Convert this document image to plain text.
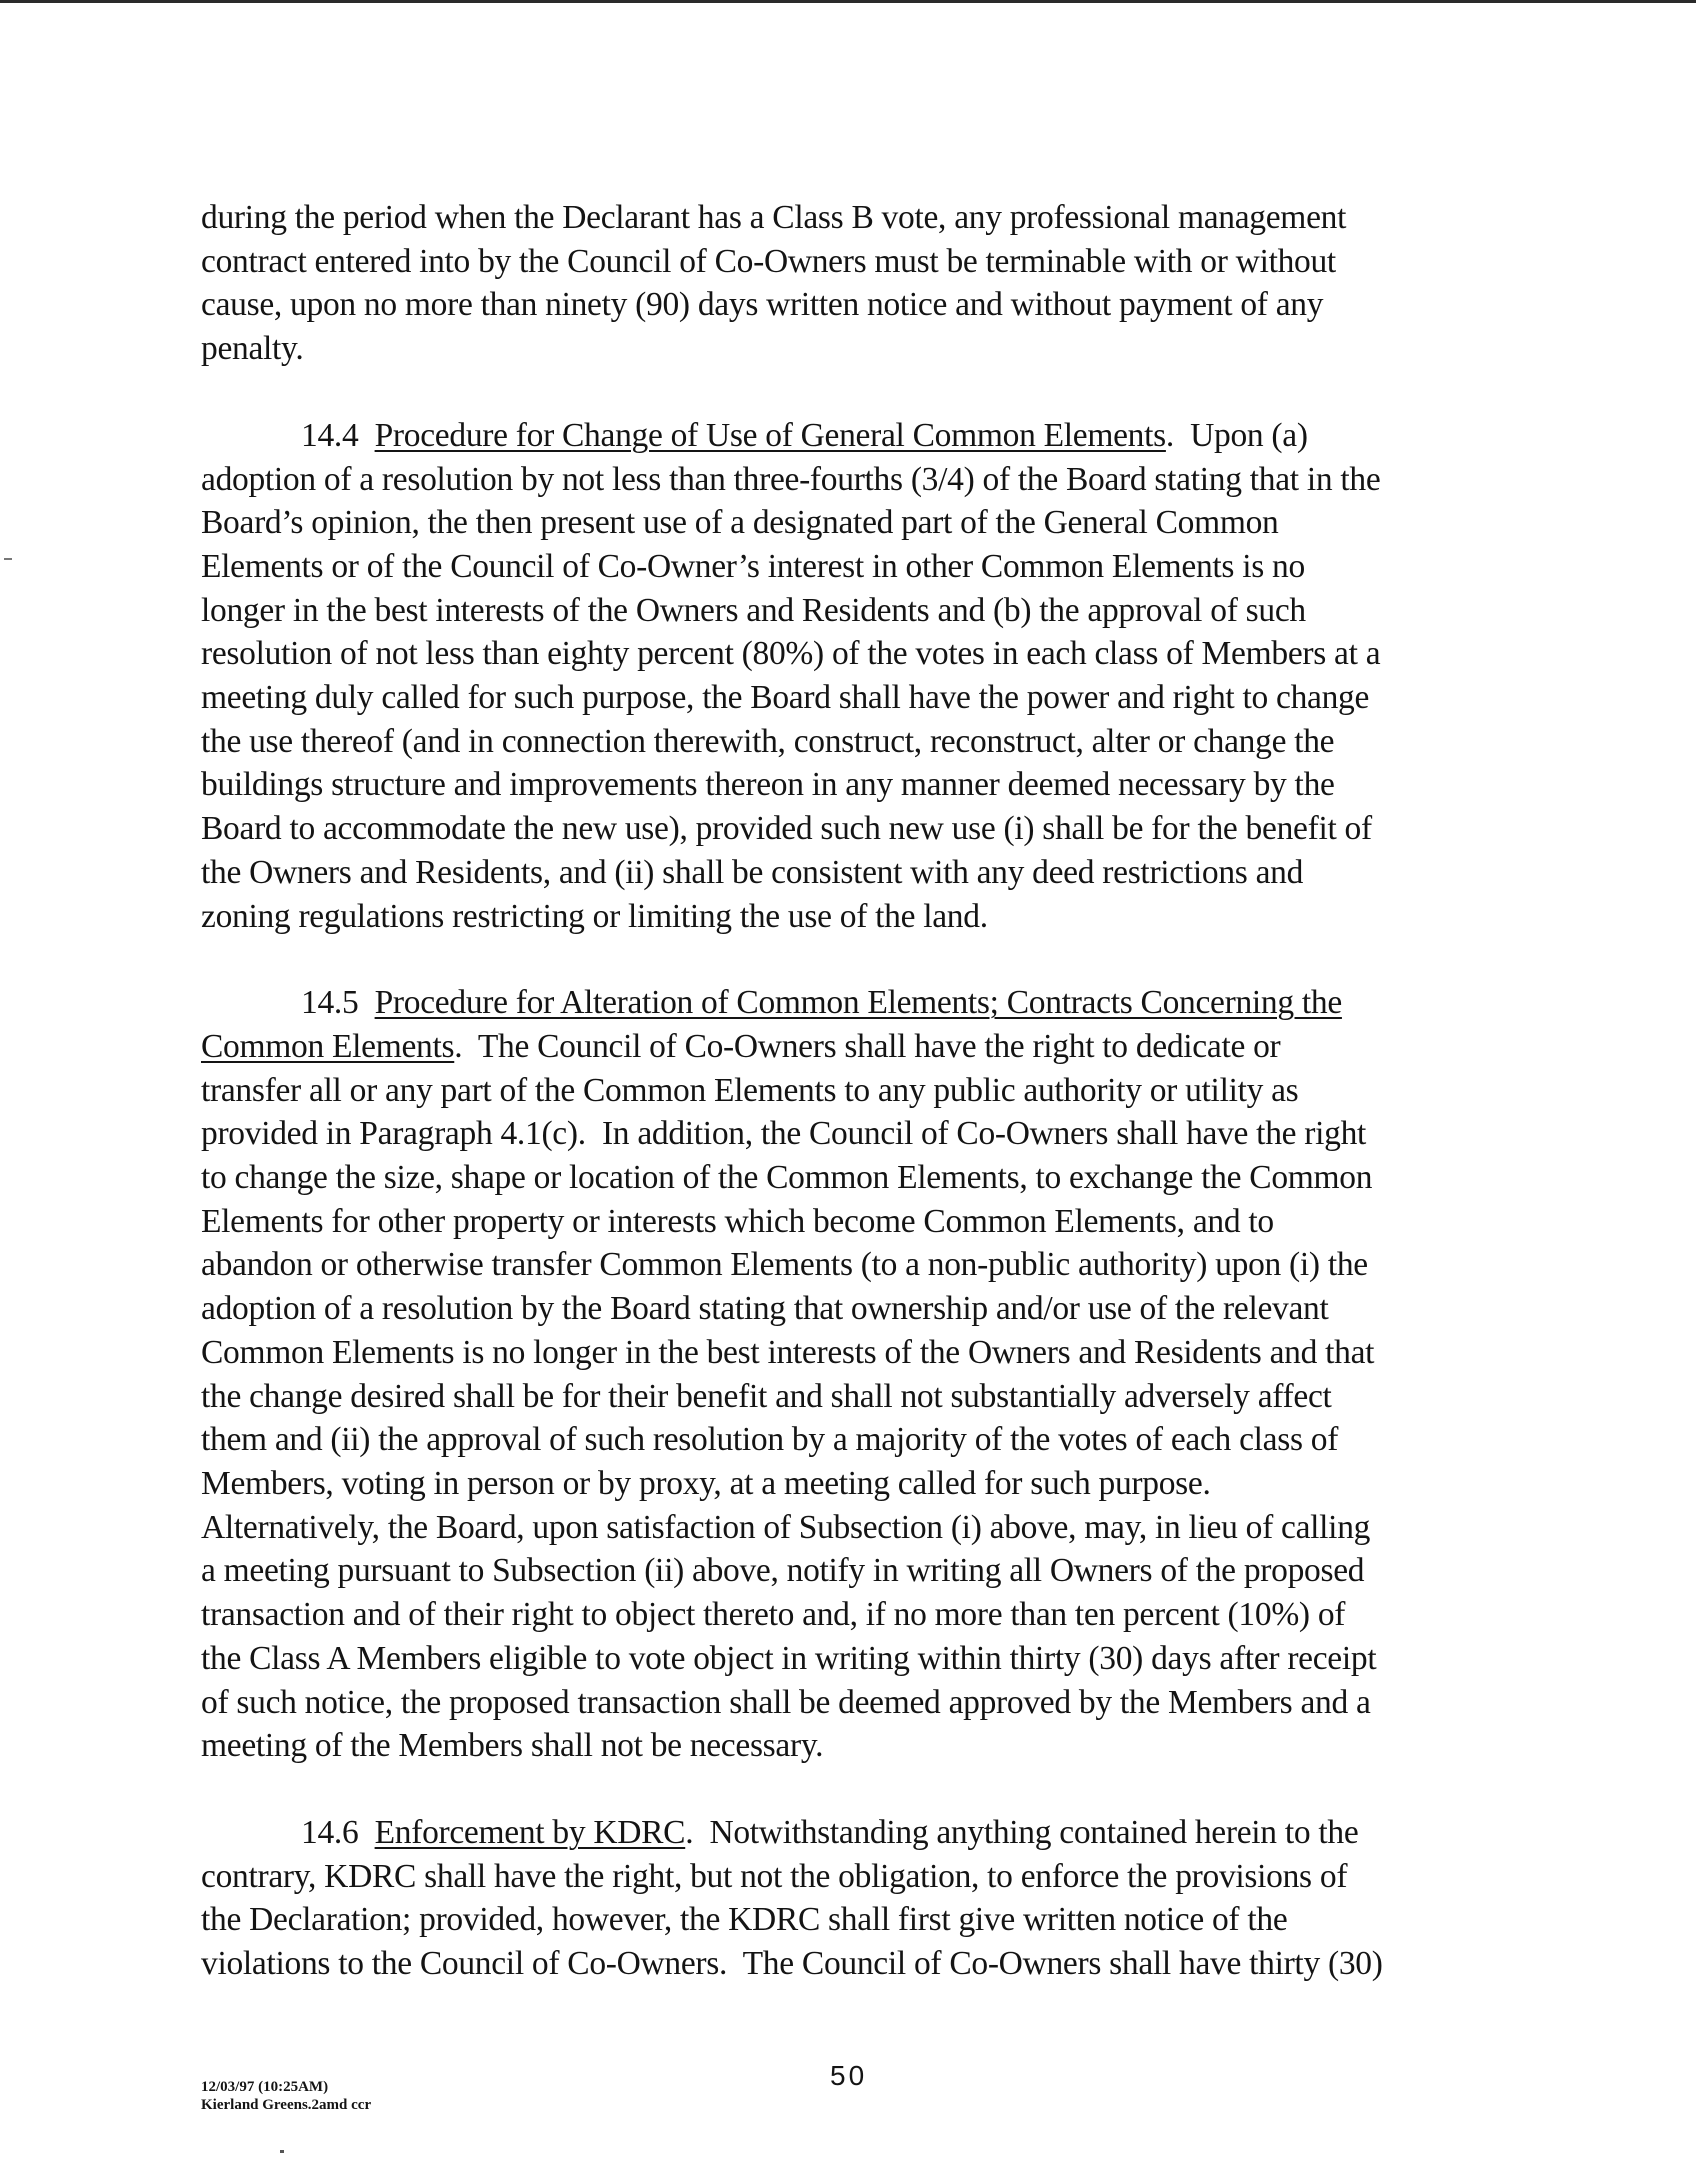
during the period when the Declarant has a Class B vote, any professional management
contract entered into by the Council of Co-Owners must be terminable with or without
cause, upon no more than ninety (90) days written notice and without payment of any
penalty.

14.4 Procedure for Change of Use of General Common Elements.  Upon (a)
adoption of a resolution by not less than three-fourths (3/4) of the Board stating that in the
Board’s opinion, the then present use of a designated part of the General Common
Elements or of the Council of Co-Owner’s interest in other Common Elements is no
longer in the best interests of the Owners and Residents and (b) the approval of such
resolution of not less than eighty percent (80%) of the votes in each class of Members at a
meeting duly called for such purpose, the Board shall have the power and right to change
the use thereof (and in connection therewith, construct, reconstruct, alter or change the
buildings structure and improvements thereon in any manner deemed necessary by the
Board to accommodate the new use), provided such new use (i) shall be for the benefit of
the Owners and Residents, and (ii) shall be consistent with any deed restrictions and
zoning regulations restricting or limiting the use of the land.

14.5 Procedure for Alteration of Common Elements; Contracts Concerning the
Common Elements.  The Council of Co-Owners shall have the right to dedicate or
transfer all or any part of the Common Elements to any public authority or utility as
provided in Paragraph 4.1(c).  In addition, the Council of Co-Owners shall have the right
to change the size, shape or location of the Common Elements, to exchange the Common
Elements for other property or interests which become Common Elements, and to
abandon or otherwise transfer Common Elements (to a non-public authority) upon (i) the
adoption of a resolution by the Board stating that ownership and/or use of the relevant
Common Elements is no longer in the best interests of the Owners and Residents and that
the change desired shall be for their benefit and shall not substantially adversely affect
them and (ii) the approval of such resolution by a majority of the votes of each class of
Members, voting in person or by proxy, at a meeting called for such purpose.
Alternatively, the Board, upon satisfaction of Subsection (i) above, may, in lieu of calling
a meeting pursuant to Subsection (ii) above, notify in writing all Owners of the proposed
transaction and of their right to object thereto and, if no more than ten percent (10%) of
the Class A Members eligible to vote object in writing within thirty (30) days after receipt
of such notice, the proposed transaction shall be deemed approved by the Members and a
meeting of the Members shall not be necessary.

14.6 Enforcement by KDRC.  Notwithstanding anything contained herein to the
contrary, KDRC shall have the right, but not the obligation, to enforce the provisions of
the Declaration; provided, however, the KDRC shall first give written notice of the
violations to the Council of Co-Owners.  The Council of Co-Owners shall have thirty (30)

12/03/97 (10:25AM)
Kierland Greens.2amd ccr
50
